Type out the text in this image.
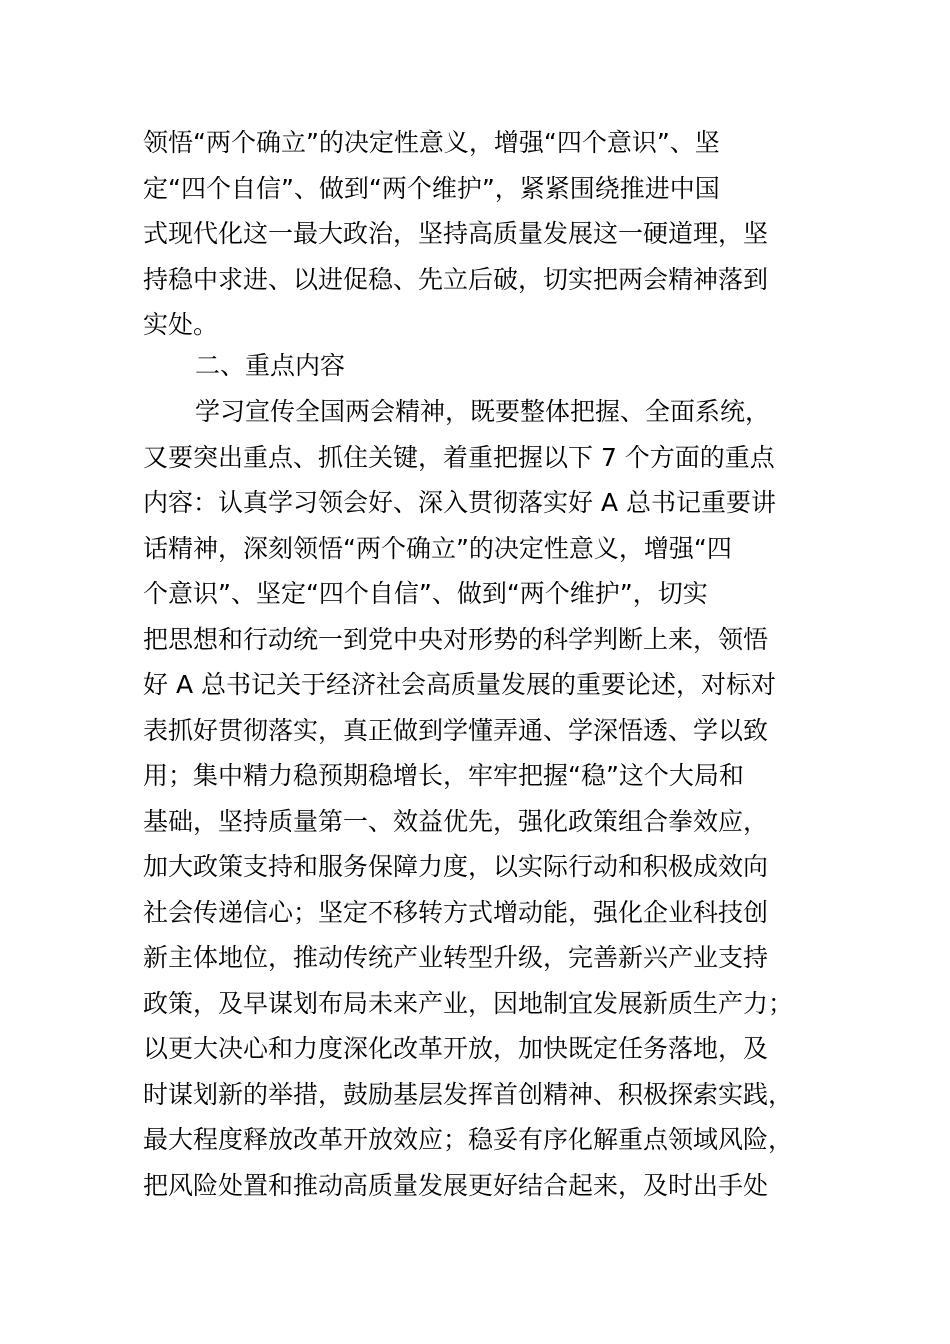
领悟“两个确立”的决定性意义，增强“四个意识”、坚
定“四个自信”、做到“两个维护”，紧紧围绕推进中国
式现代化这一最大政治，坚持高质量发展这一硬道理，坚
持稳中求进、以进促稳、先立后破，切实把两会精神落到
实处。
二、重点内容
学习宣传全国两会精神，既要整体把握、全面系统，
又要突出重点、抓住关键，着重把握以下 7 个方面的重点
内容：认真学习领会好、深入贯彻落实好 A 总书记重要讲
话精神，深刻领悟“两个确立”的决定性意义，增强“四
个意识”、坚定“四个自信”、做到“两个维护”，切实
把思想和行动统一到党中央对形势的科学判断上来，领悟
好 A 总书记关于经济社会高质量发展的重要论述，对标对
表抓好贯彻落实，真正做到学懂弄通、学深悟透、学以致
用；集中精力稳预期稳增长，牢牢把握“稳”这个大局和
基础，坚持质量第一、效益优先，强化政策组合拳效应，
加大政策支持和服务保障力度，以实际行动和积极成效向
社会传递信心；坚定不移转方式增动能，强化企业科技创
新主体地位，推动传统产业转型升级，完善新兴产业支持
政策，及早谋划布局未来产业，因地制宜发展新质生产力；
以更大决心和力度深化改革开放，加快既定任务落地，及
时谋划新的举措，鼓励基层发挥首创精神、积极探索实践，
最大程度释放改革开放效应；稳妥有序化解重点领域风险，
把风险处置和推动高质量发展更好结合起来，及时出手处
